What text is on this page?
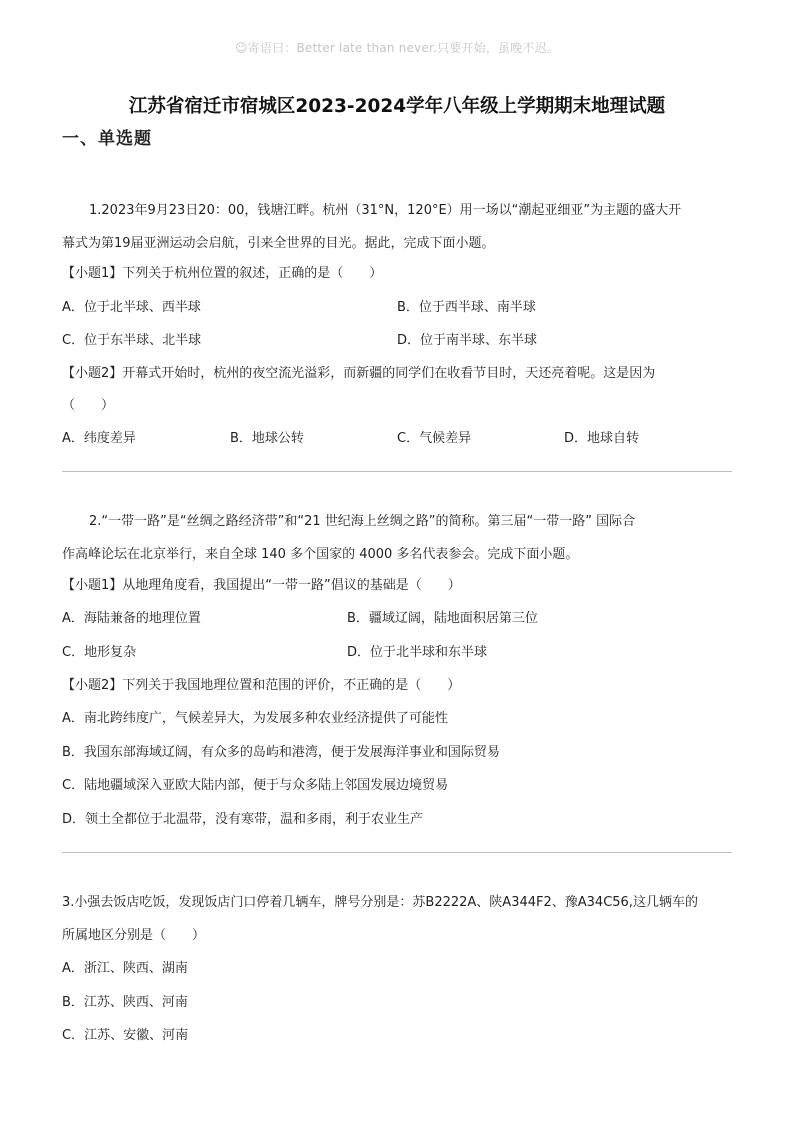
☺寄语曰：Better late than never.只要开始，虽晚不迟。
江苏省宿迁市宿城区2023-2024学年八年级上学期期末地理试题
一、单选题
1.2023年9月23日20：00，钱塘江畔。杭州（31°N，120°E）用一场以“潮起亚细亚”为主题的盛大开
幕式为第19届亚洲运动会启航，引来全世界的目光。据此，完成下面小题。
【小题1】下列关于杭州位置的叙述，正确的是（　　）
A．位于北半球、西半球	B．位于西半球、南半球
C．位于东半球、北半球	D．位于南半球、东半球
【小题2】开幕式开始时，杭州的夜空流光溢彩，而新疆的同学们在收看节目时，天还亮着呢。这是因为
（　　）
A．纬度差异	B．地球公转	C．气候差异	D．地球自转
2.“一带一路”是“丝绸之路经济带”和“21 世纪海上丝绸之路”的简称。第三届“一带一路” 国际合
作高峰论坛在北京举行，来自全球 140 多个国家的 4000 多名代表参会。完成下面小题。
【小题1】从地理角度看，我国提出“一带一路”倡议的基础是（　　）
A．海陆兼备的地理位置	B．疆域辽阔，陆地面积居第三位
C．地形复杂	D．位于北半球和东半球
【小题2】下列关于我国地理位置和范围的评价，不正确的是（　　）
A．南北跨纬度广，气候差异大，为发展多种农业经济提供了可能性
B．我国东部海域辽阔，有众多的岛屿和港湾，便于发展海洋事业和国际贸易
C．陆地疆域深入亚欧大陆内部，便于与众多陆上邻国发展边境贸易
D．领土全都位于北温带，没有寒带，温和多雨，利于农业生产
3.小强去饭店吃饭，发现饭店门口停着几辆车，牌号分别是：苏B2222A、陕A344F2、豫A34C56,这几辆车的
所属地区分别是（　　）
A．浙江、陕西、湖南
B．江苏、陕西、河南
C．江苏、安徽、河南
